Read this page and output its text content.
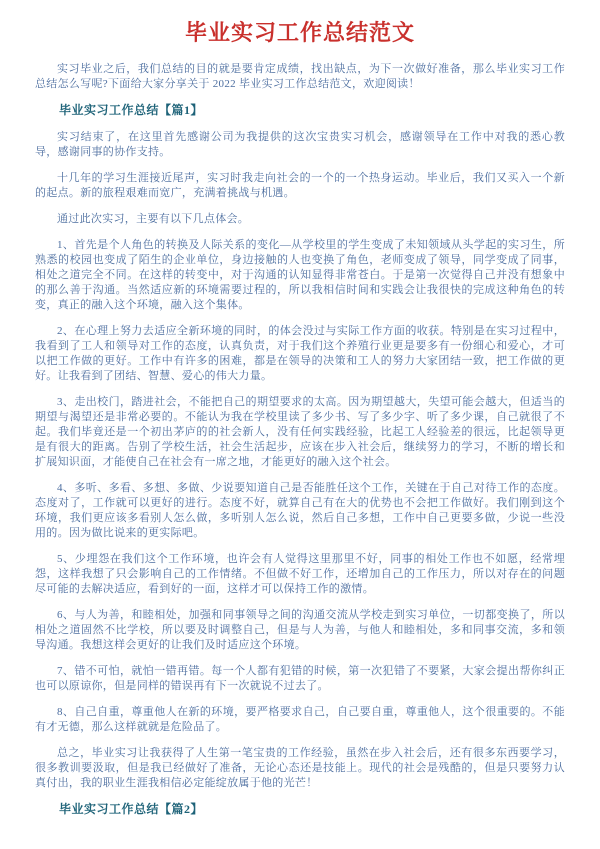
毕业实习工作总结范文

实习毕业之后，我们总结的目的就是要肯定成绩，找出缺点，为下一次做好准备，那么毕业实习工作总结怎么写呢?下面给大家分享关于 2022 毕业实习工作总结范文，欢迎阅读！

毕业实习工作总结【篇1】

实习结束了，在这里首先感谢公司为我提供的这次宝贵实习机会，感谢领导在工作中对我的悉心教导，感谢同事的协作支持。

十几年的学习生涯接近尾声，实习时我走向社会的一个的一个热身运动。毕业后，我们又买入一个新的起点。新的旅程艰难而宽广，充满着挑战与机遇。

通过此次实习，主要有以下几点体会。

1、首先是个人角色的转换及人际关系的变化—从学校里的学生变成了未知领域从头学起的实习生，所熟悉的校园也变成了陌生的企业单位，身边接触的人也变换了角色，老师变成了领导，同学变成了同事，相处之道完全不同。在这样的转变中，对于沟通的认知显得非常苍白。于是第一次觉得自己并没有想象中的那么善于沟通。当然适应新的环境需要过程的，所以我相信时间和实践会让我很快的完成这种角色的转变，真正的融入这个环境，融入这个集体。

2、在心理上努力去适应全新环境的同时，的体会没过与实际工作方面的收获。特别是在实习过程中，我看到了工人和领导对工作的态度，认真负责，对于我们这个养殖行业更是要多有一份细心和爱心，才可以把工作做的更好。工作中有许多的困难，都是在领导的决策和工人的努力大家团结一致，把工作做的更好。让我看到了团结、智慧、爱心的伟大力量。

3、走出校门，踏进社会，不能把自己的期望要求的太高。因为期望越大，失望可能会越大，但适当的期望与渴望还是非常必要的。不能认为我在学校里读了多少书、写了多少字、听了多少课，自己就很了不起。我们毕竟还是一个初出茅庐的的社会新人，没有任何实践经验，比起工人经验差的很远，比起领导更是有很大的距离。告别了学校生活，社会生活起步，应该在步入社会后，继续努力的学习，不断的增长和扩展知识面，才能使自己在社会有一席之地，才能更好的融入这个社会。

4、多听、多看、多想、多做、少说要知道自己是否能胜任这个工作，关键在于自己对待工作的态度。态度对了，工作就可以更好的进行。态度不好，就算自己有在大的优势也不会把工作做好。我们刚到这个环境，我们更应该多看别人怎么做，多听别人怎么说，然后自己多想，工作中自己更要多做，少说一些没用的。因为做比说来的更实际吧。

5、少埋怨在我们这个工作环境，也许会有人觉得这里那里不好，同事的相处工作也不如愿，经常埋怨，这样我想了只会影响自己的工作情绪。不但做不好工作，还增加自己的工作压力，所以对存在的问题尽可能的去解决适应，看到好的一面，这样才可以保持工作的激情。

6、与人为善，和睦相处，加强和同事领导之间的沟通交流从学校走到实习单位，一切都变换了，所以相处之道固然不比学校，所以要及时调整自己，但是与人为善，与他人和睦相处，多和同事交流，多和领导沟通。我想这样会更好的让我们及时适应这个环境。

7、错不可怕，就怕一错再错。每一个人都有犯错的时候，第一次犯错了不要紧，大家会提出帮你纠正也可以原谅你，但是同样的错误再有下一次就说不过去了。

8、自己自重，尊重他人在新的环境，要严格要求自己，自己要自重，尊重他人，这个很重要的。不能有才无德，那么这样就就是危险品了。

总之，毕业实习让我获得了人生第一笔宝贵的工作经验，虽然在步入社会后，还有很多东西要学习，很多教训要汲取，但是我已经做好了准备，无论心态还是技能上。现代的社会是残酷的，但是只要努力认真付出，我的职业生涯我相信必定能绽放属于他的光芒！

毕业实习工作总结【篇2】
